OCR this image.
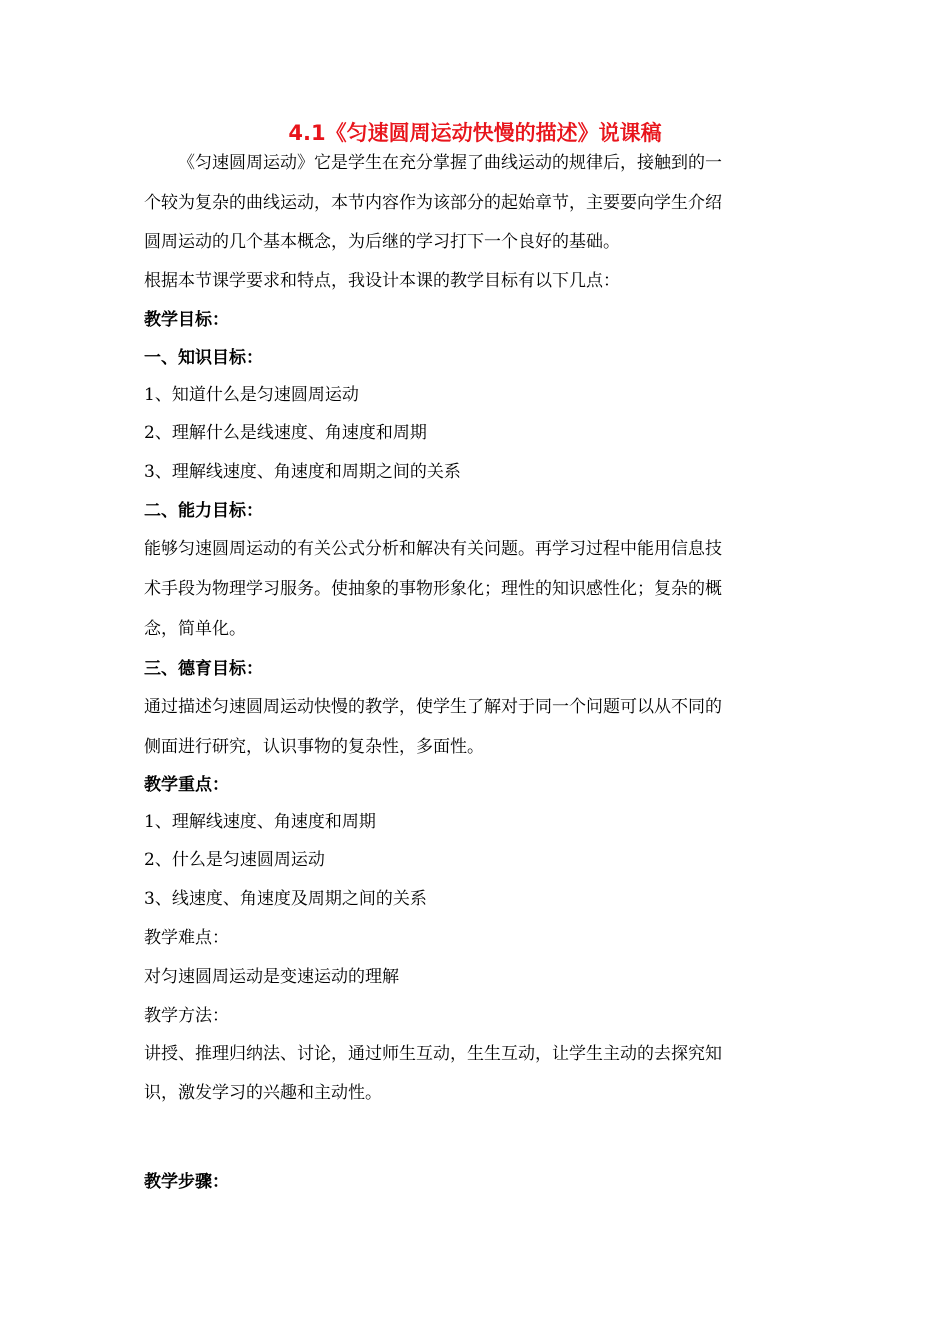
4.1《匀速圆周运动快慢的描述》说课稿
《匀速圆周运动》它是学生在充分掌握了曲线运动的规律后，接触到的一
个较为复杂的曲线运动，本节内容作为该部分的起始章节，主要要向学生介绍
圆周运动的几个基本概念，为后继的学习打下一个良好的基础。
根据本节课学要求和特点，我设计本课的教学目标有以下几点：
教学目标：
一、知识目标：
1、知道什么是匀速圆周运动
2、理解什么是线速度、角速度和周期
3、理解线速度、角速度和周期之间的关系
二、能力目标：
能够匀速圆周运动的有关公式分析和解决有关问题。再学习过程中能用信息技
术手段为物理学习服务。使抽象的事物形象化；理性的知识感性化；复杂的概
念，简单化。
三、德育目标：
通过描述匀速圆周运动快慢的教学，使学生了解对于同一个问题可以从不同的
侧面进行研究，认识事物的复杂性，多面性。
教学重点：
1、理解线速度、角速度和周期
2、什么是匀速圆周运动
3、线速度、角速度及周期之间的关系
教学难点：
对匀速圆周运动是变速运动的理解
教学方法：
讲授、推理归纳法、讨论，通过师生互动，生生互动，让学生主动的去探究知
识，激发学习的兴趣和主动性。
教学步骤：
